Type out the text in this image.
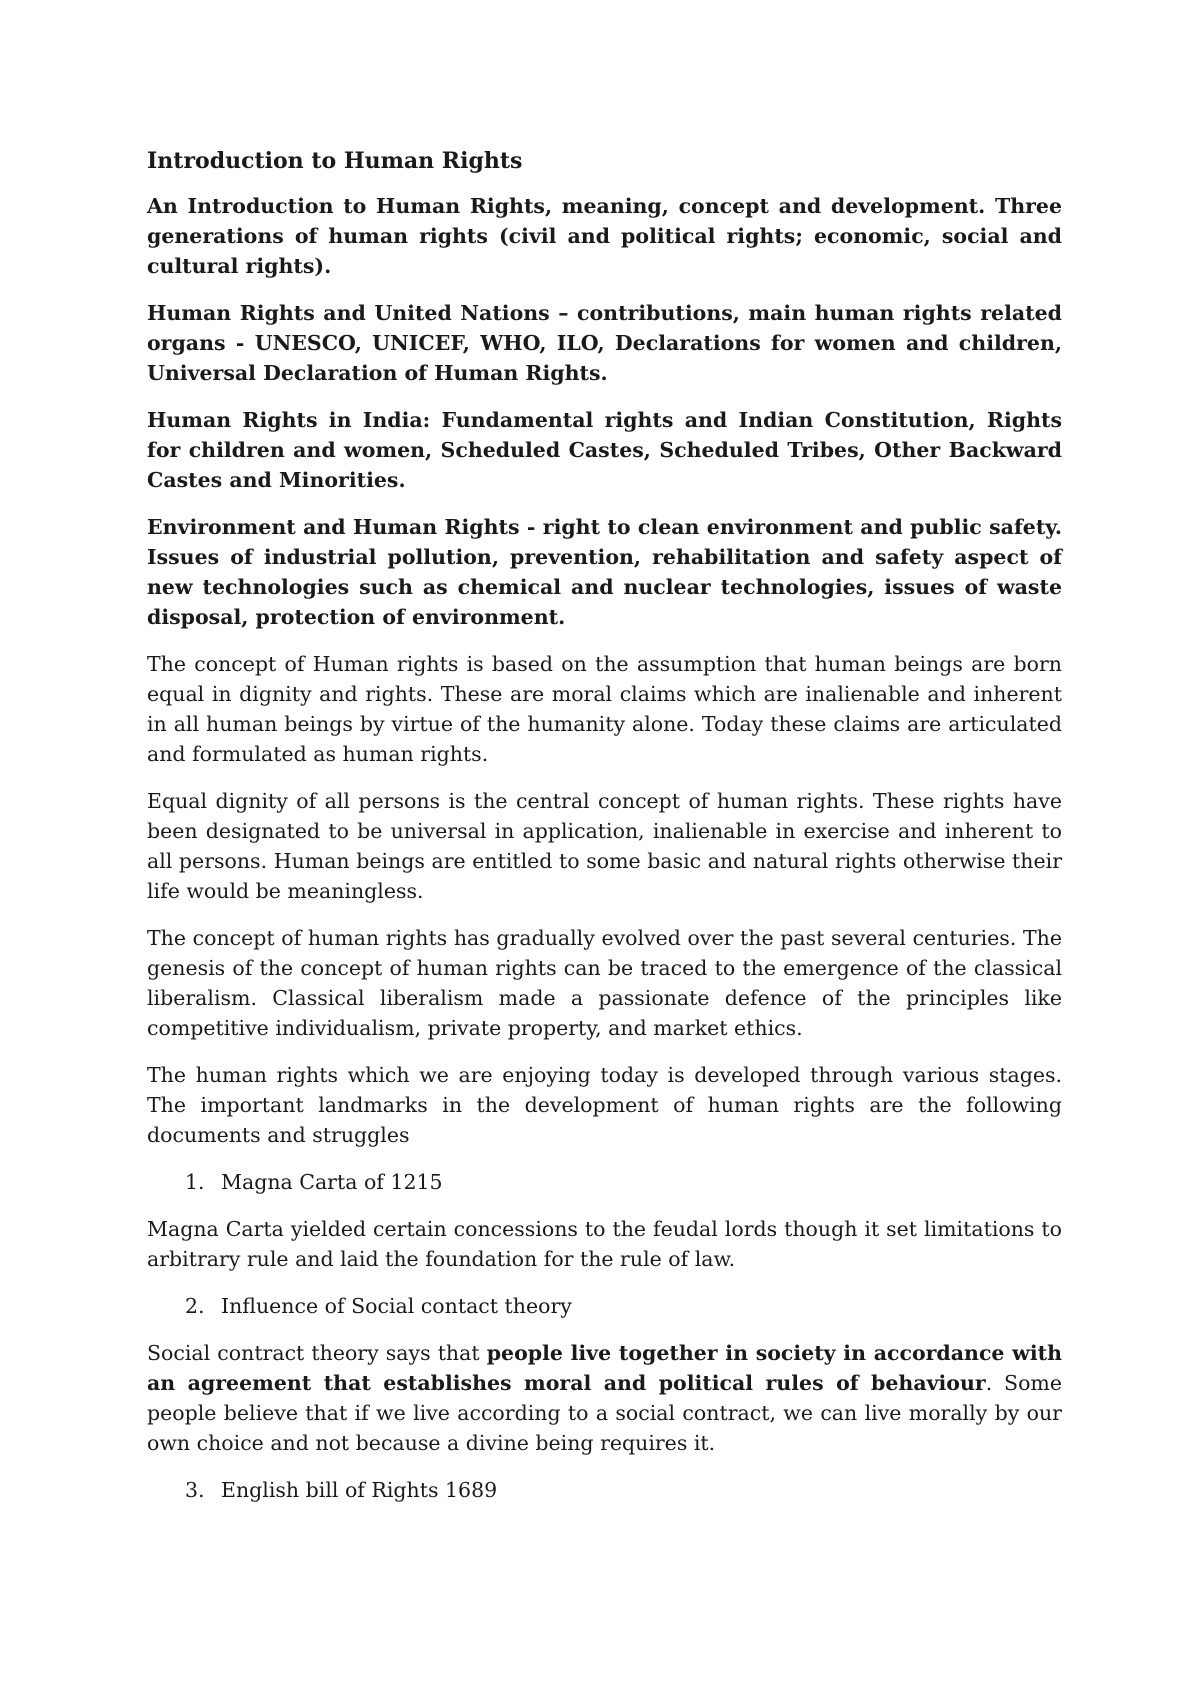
Introduction to Human Rights

An Introduction to Human Rights, meaning, concept and development. Three generations of human rights (civil and political rights; economic, social and cultural rights).

Human Rights and United Nations – contributions, main human rights related organs - UNESCO, UNICEF, WHO, ILO, Declarations for women and children, Universal Declaration of Human Rights.

Human Rights in India: Fundamental rights and Indian Constitution, Rights for children and women, Scheduled Castes, Scheduled Tribes, Other Backward Castes and Minorities.

Environment and Human Rights - right to clean environment and public safety. Issues of industrial pollution, prevention, rehabilitation and safety aspect of new technologies such as chemical and nuclear technologies, issues of waste disposal, protection of environment.

The concept of Human rights is based on the assumption that human beings are born equal in dignity and rights. These are moral claims which are inalienable and inherent in all human beings by virtue of the humanity alone. Today these claims are articulated and formulated as human rights.

Equal dignity of all persons is the central concept of human rights. These rights have been designated to be universal in application, inalienable in exercise and inherent to all persons. Human beings are entitled to some basic and natural rights otherwise their life would be meaningless.

The concept of human rights has gradually evolved over the past several centuries. The genesis of the concept of human rights can be traced to the emergence of the classical liberalism. Classical liberalism made a passionate defence of the principles like competitive individualism, private property, and market ethics.

The human rights which we are enjoying today is developed through various stages. The important landmarks in the development of human rights are the following documents and struggles

1. Magna Carta of 1215

Magna Carta yielded certain concessions to the feudal lords though it set limitations to arbitrary rule and laid the foundation for the rule of law.

2. Influence of Social contact theory

Social contract theory says that people live together in society in accordance with an agreement that establishes moral and political rules of behaviour. Some people believe that if we live according to a social contract, we can live morally by our own choice and not because a divine being requires it.

3. English bill of Rights 1689
